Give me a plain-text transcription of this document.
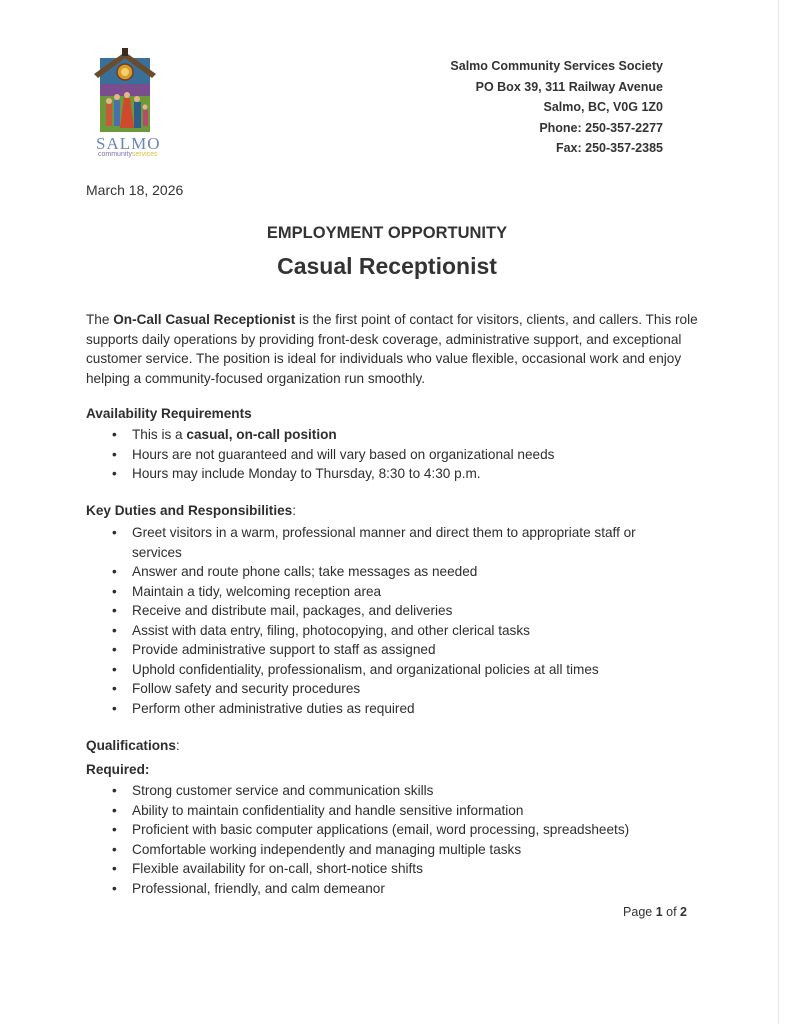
SALMO
communityservices
Salmo Community Services Society
PO Box 39, 311 Railway Avenue
Salmo, BC, V0G 1Z0
Phone: 250-357-2277
Fax: 250-357-2385
March 18, 2026
EMPLOYMENT OPPORTUNITY
Casual Receptionist
The On-Call Casual Receptionist is the first point of contact for visitors, clients, and callers. This role supports daily operations by providing front-desk coverage, administrative support, and exceptional customer service. The position is ideal for individuals who value flexible, occasional work and enjoy helping a community-focused organization run smoothly.
Availability Requirements
• This is a casual, on-call position
• Hours are not guaranteed and will vary based on organizational needs
• Hours may include Monday to Thursday, 8:30 to 4:30 p.m.
Key Duties and Responsibilities:
• Greet visitors in a warm, professional manner and direct them to appropriate staff or services
• Answer and route phone calls; take messages as needed
• Maintain a tidy, welcoming reception area
• Receive and distribute mail, packages, and deliveries
• Assist with data entry, filing, photocopying, and other clerical tasks
• Provide administrative support to staff as assigned
• Uphold confidentiality, professionalism, and organizational policies at all times
• Follow safety and security procedures
• Perform other administrative duties as required
Qualifications:
Required:
• Strong customer service and communication skills
• Ability to maintain confidentiality and handle sensitive information
• Proficient with basic computer applications (email, word processing, spreadsheets)
• Comfortable working independently and managing multiple tasks
• Flexible availability for on-call, short-notice shifts
• Professional, friendly, and calm demeanor
Page 1 of 2
